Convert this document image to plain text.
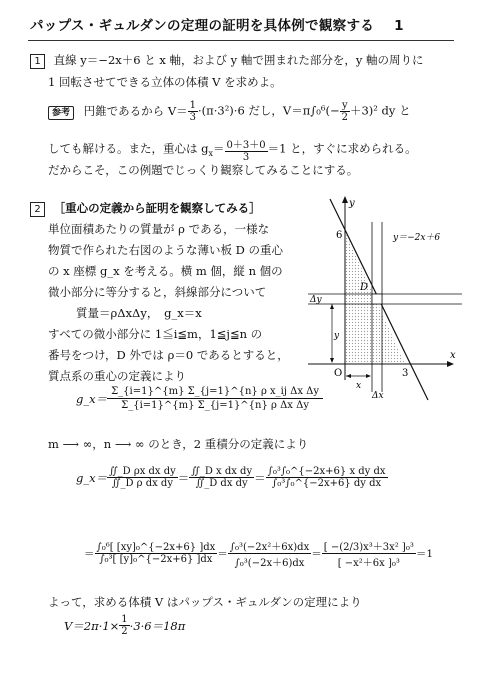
パップス・ギュルダンの定理の証明を具体例で観察する 1
1 直線 y＝−2x＋6 と x 軸，および y 軸で囲まれた部分を，y 軸の周りに
1 回転させてできる立体の体積 V を求めよ。
参考 円錐であるから $V= \frac{1}{3} \cdot(\pi\cdot 3^2)\cdot 6$ だし，$V=\pi\int_0^6(- \frac{y}{2} +3)^2$ dy と
しても解ける。また，重心は $g_x= \frac{0+3+0}{3} =1$ と，すぐに求められる。
だからこそ，この例題でじっくり観察してみることにする。
2 ［重心の定義から証明を観察してみる］
単位面積あたりの質量が ρ である，一様な
物質で作られた右図のような薄い板 D の重心
の x 座標 g_x を考える。横 m 個，縦 n 個の
微小部分に等分すると，斜線部分について
質量＝ρΔxΔy，　g_x＝x
すべての微小部分に 1≦i≦m，1≦j≦n の
番号をつけ，D 外では ρ＝0 であるとすると，
質点系の重心の定義により
g_x＝ $\frac{\text{Σ\_\{i=1\}\textasciicircum{}\{m\} Σ\_\{j=1\}\textasciicircum{}\{n\} ρ x\_ij Δx Δy}}{\text{Σ\_\{i=1\}\textasciicircum{}\{m\} Σ\_\{j=1\}\textasciicircum{}\{n\} ρ Δx Δy}}$
m ⟶ ∞，n ⟶ ∞ のとき，2 重積分の定義により
g_x＝ $\frac{\text{∬\_D ρx dx dy}}{\text{∬\_D ρ dx dy}} = \frac{\text{∬\_D x dx dy}}{\text{∬\_D dx dy}} = \frac{\text{∫₀³∫₀\textasciicircum{}\{−2x+6\} x dy dx}}{\text{∫₀³∫₀\textasciicircum{}\{−2x+6\} dy dx}}$
＝ $\frac{\text{∫₀⁶[ [xy]₀\textasciicircum{}\{−2x+6\} ]dx}}{\text{∫₀³[ [y]₀\textasciicircum{}\{−2x+6\} ]dx}} = \frac{\text{∫₀³(−2x²＋6x)dx}}{\text{∫₀³(−2x＋6)dx}} = \frac{\text{[ −(2/3)x³＋3x² ]₀³}}{\text{[ −x²＋6x ]₀³}} =1$
よって，求める体積 V はパップス・ギュルダンの定理により
$V=2\pi\cdot 1\times \frac{1}{2} \cdot 3\cdot 6=18\pi$
y
x
O
6
3
y＝−2x＋6
D
Δy
y
x
Δx
